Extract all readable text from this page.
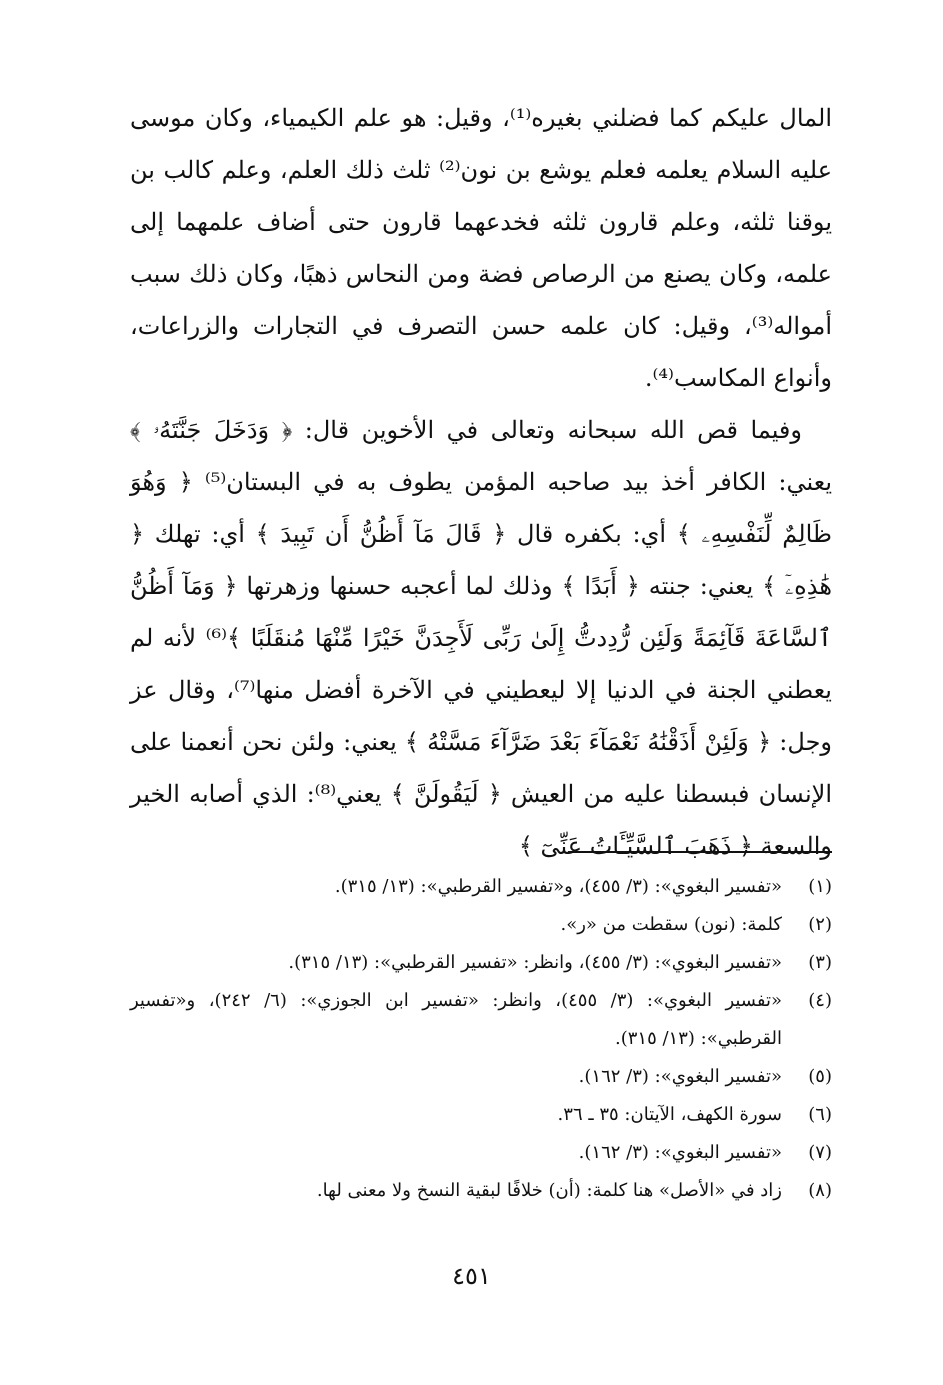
المال عليكم كما فضلني بغيره⁽¹⁾، وقيل: هو علم الكيمياء، وكان موسى عليه السلام يعلمه فعلم يوشع بن نون⁽²⁾ ثلث ذلك العلم، وعلم كالب بن يوقنا ثلثه، وعلم قارون ثلثه فخدعهما قارون حتى أضاف علمهما إلى علمه، وكان يصنع من الرصاص فضة ومن النحاس ذهبًا، وكان ذلك سبب أمواله⁽³⁾، وقيل: كان علمه حسن التصرف في التجارات والزراعات، وأنواع المكاسب⁽⁴⁾.

وفيما قص الله سبحانه وتعالى في الأخوين قال: ﴿ وَدَخَلَ جَنَّتَهُۥ ﴾ يعني: الكافر أخذ بيد صاحبه المؤمن يطوف به في البستان⁽⁵⁾ ﴿ وَهُوَ ظَالِمٌ لِّنَفْسِهِۦ ﴾ أي: بكفره قال ﴿ قَالَ مَآ أَظُنُّ أَن تَبِيدَ ﴾ أي: تهلك ﴿ هَٰذِهِۦٓ ﴾ يعني: جنته ﴿ أَبَدًا ﴾ وذلك لما أعجبه حسنها وزهرتها ﴿ وَمَآ أَظُنُّ ٱلسَّاعَةَ قَآئِمَةً وَلَئِن رُّدِدتُّ إِلَىٰ رَبِّى لَأَجِدَنَّ خَيْرًا مِّنْهَا مُنقَلَبًا ﴾⁽⁶⁾ لأنه لم يعطني الجنة في الدنيا إلا ليعطيني في الآخرة أفضل منها⁽⁷⁾، وقال عز وجل: ﴿ وَلَئِنْ أَذَقْنَٰهُ نَعْمَآءَ بَعْدَ ضَرَّآءَ مَسَّتْهُ ﴾ يعني: ولئن نحن أنعمنا على الإنسان فبسطنا عليه من العيش ﴿ لَيَقُولَنَّ ﴾ يعني⁽⁸⁾: الذي أصابه الخير والسعة ﴿ ذَهَبَ ٱلسَّيِّـَٔاتُ عَنِّىٓ ﴾

(١)
«تفسير البغوي»: (٣/ ٤٥٥)، و«تفسير القرطبي»: (١٣/ ٣١٥).
(٢)
كلمة: (نون) سقطت من «ر».
(٣)
«تفسير البغوي»: (٣/ ٤٥٥)، وانظر: «تفسير القرطبي»: (١٣/ ٣١٥).
(٤)
«تفسير البغوي»: (٣/ ٤٥٥)، وانظر: «تفسير ابن الجوزي»: (٦/ ٢٤٢)، و«تفسير القرطبي»: (١٣/ ٣١٥).
(٥)
«تفسير البغوي»: (٣/ ١٦٢).
(٦)
سورة الكهف، الآيتان: ٣٥ ـ ٣٦.
(٧)
«تفسير البغوي»: (٣/ ١٦٢).
(٨)
زاد في «الأصل» هنا كلمة: (أن) خلافًا لبقية النسخ ولا معنى لها.
٤٥١
